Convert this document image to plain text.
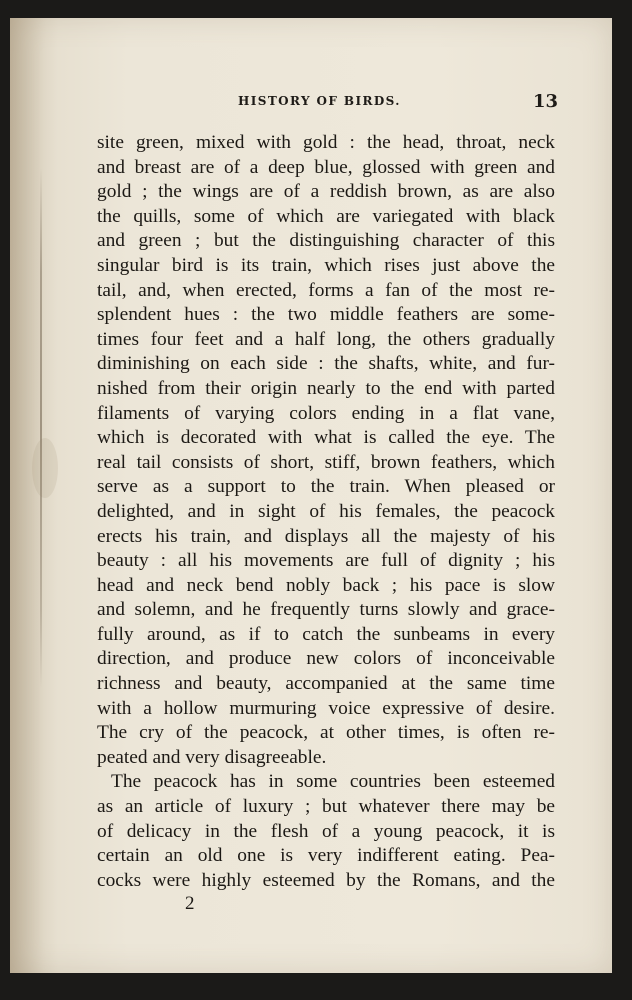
HISTORY OF BIRDS.	13
site green, mixed with gold : the head, throat, neck
and breast are of a deep blue, glossed with green and
gold ; the wings are of a reddish brown, as are also
the quills, some of which are variegated with black
and green ; but the distinguishing character of this
singular bird is its train, which rises just above the
tail, and, when erected, forms a fan of the most re-
splendent hues : the two middle feathers are some-
times four feet and a half long, the others gradually
diminishing on each side : the shafts, white, and fur-
nished from their origin nearly to the end with parted
filaments of varying colors ending in a flat vane,
which is decorated with what is called the eye. The
real tail consists of short, stiff, brown feathers, which
serve as a support to the train. When pleased or
delighted, and in sight of his females, the peacock
erects his train, and displays all the majesty of his
beauty : all his movements are full of dignity ; his
head and neck bend nobly back ; his pace is slow
and solemn, and he frequently turns slowly and grace-
fully around, as if to catch the sunbeams in every
direction, and produce new colors of inconceivable
richness and beauty, accompanied at the same time
with a hollow murmuring voice expressive of desire.
The cry of the peacock, at other times, is often re-
peated and very disagreeable.
The peacock has in some countries been esteemed
as an article of luxury ; but whatever there may be
of delicacy in the flesh of a young peacock, it is
certain an old one is very indifferent eating. Pea-
cocks were highly esteemed by the Romans, and the
2
